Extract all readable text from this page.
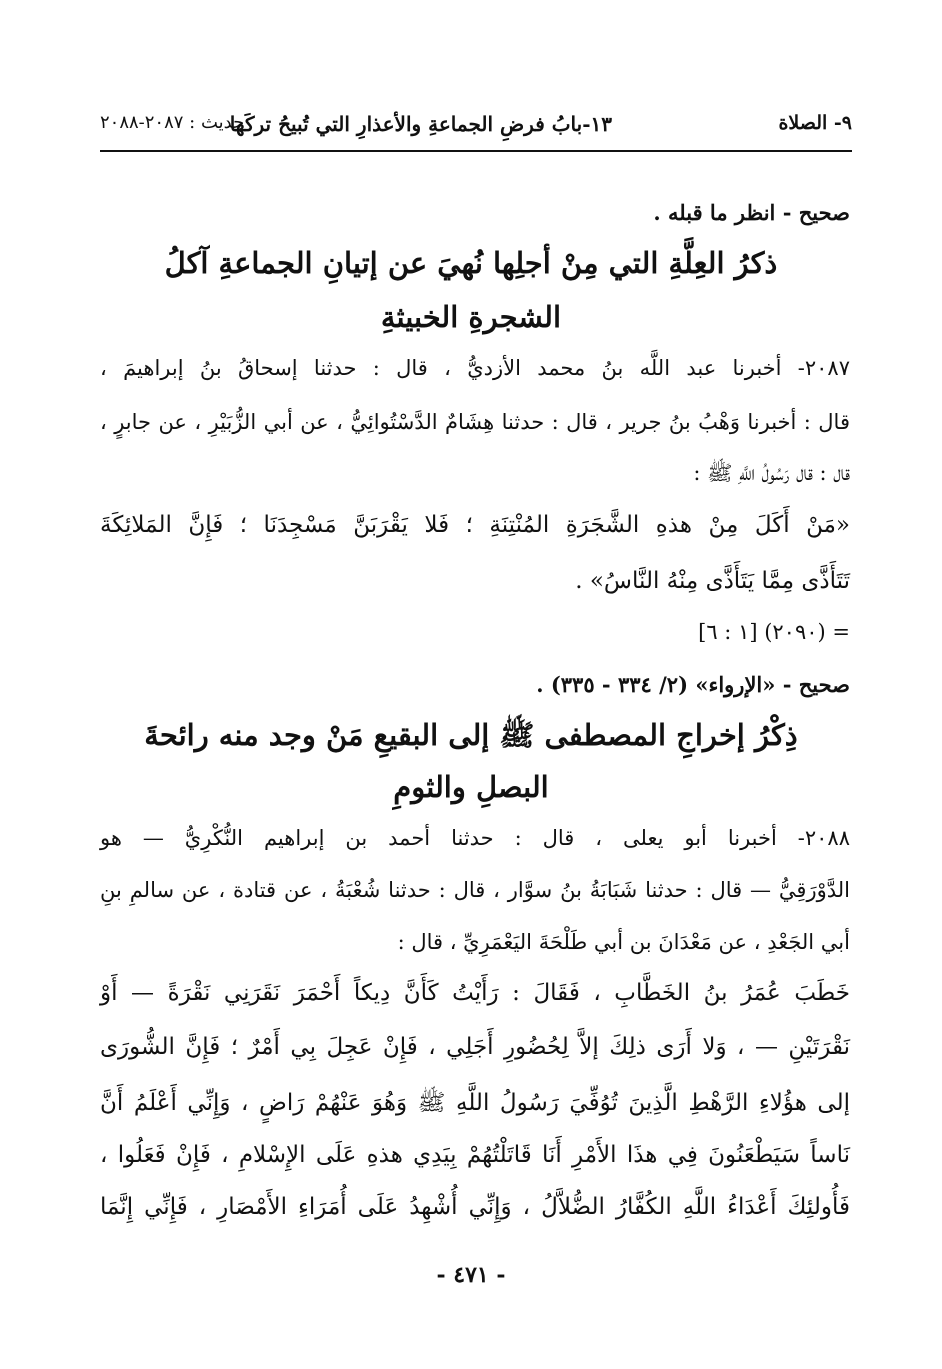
٩- الصلاة
١٣-بابُ فرضِ الجماعةِ والأعذارِ التي تُبيحُ تركَها
حديث : ٢٠٨٧-٢٠٨٨
صحيح - انظر ما قبله .
ذكرُ العِلَّةِ التي مِنْ أجلِها نُهيَ عن إتيانِ الجماعةِ آكلُ
الشجرةِ الخبيثةِ
٢٠٨٧- أخبرنا عبد اللَّه بنُ محمد الأزديُّ ، قال : حدثنا إسحاقُ بنُ إبراهيمَ ،
قال : أخبرنا وَهْبُ بنُ جرير ، قال : حدثنا هِشَامٌ الدَّسْتُوائِيُّ ، عن أبي الزُّبَيْرِ ، عن جابرٍ ،
قال : قال رَسُولُ اللَّهِ ﷺ :
«مَنْ أَكَلَ مِنْ هذهِ الشَّجَرَةِ المُنْتِنَةِ ؛ فَلا يَقْرَبَنَّ مَسْجِدَنَا ؛ فَإِنَّ المَلائِكَةَ
تَتَأَذَّى مِمَّا يَتَأَذَّى مِنْهُ النَّاسُ» .
= (٢٠٩٠) [١ : ٦]
صحيح - «الإرواء» (٢/ ٣٣٤ - ٣٣٥) .
ذِكْرُ إخراجِ المصطفى ﷺ إلى البقيعِ مَنْ وجد منه رائحةَ
البصلِ والثومِ
٢٠٨٨- أخبرنا أبو يعلى ، قال : حدثنا أحمد بن إبراهيم النُّكْرِيُّ — هو
الدَّوْرَقِيُّ — قال : حدثنا شَبَابَةُ بنُ سوَّار ، قال : حدثنا شُعْبَةُ ، عن قتادة ، عن سالمِ بنِ
أبي الجَعْدِ ، عن مَعْدَانَ بن أبي طَلْحَةَ اليَعْمَرِيِّ ، قال :
خَطَبَ عُمَرُ بنُ الخَطَّابِ ، فَقَالَ : رَأَيْتُ كَأَنَّ دِيكاً أَحْمَرَ نَقَرَنِي نَقْرَةً — أَوْ
نَقْرَتَيْنِ — ، وَلا أَرَى ذلِكَ إلاَّ لِحُضُورِ أَجَلِي ، فَإِنْ عَجِلَ بِي أَمْرٌ ؛ فَإِنَّ الشُّورَى
إلى هؤُلاءِ الرَّهْطِ الَّذِينَ تُوُفِّيَ رَسُولُ اللَّهِ ﷺ وَهُوَ عَنْهُمْ رَاضٍ ، وَإِنِّي أَعْلَمُ أَنَّ
نَاساً سَيَطْعَنُونَ فِي هذَا الأَمْرِ أَنَا قَاتَلْتُهُمْ بِيَدِي هذهِ عَلَى الإِسْلامِ ، فَإِنْ فَعَلُوا ،
فَأُولئِكَ أَعْدَاءُ اللَّهِ الكُفَّارُ الضُّلاَّلُ ، وَإِنِّي أُشْهِدُ عَلَى أُمَرَاءِ الأَمْصَارِ ، فَإِنِّي إِنَّمَا
- ٤٧١ -
